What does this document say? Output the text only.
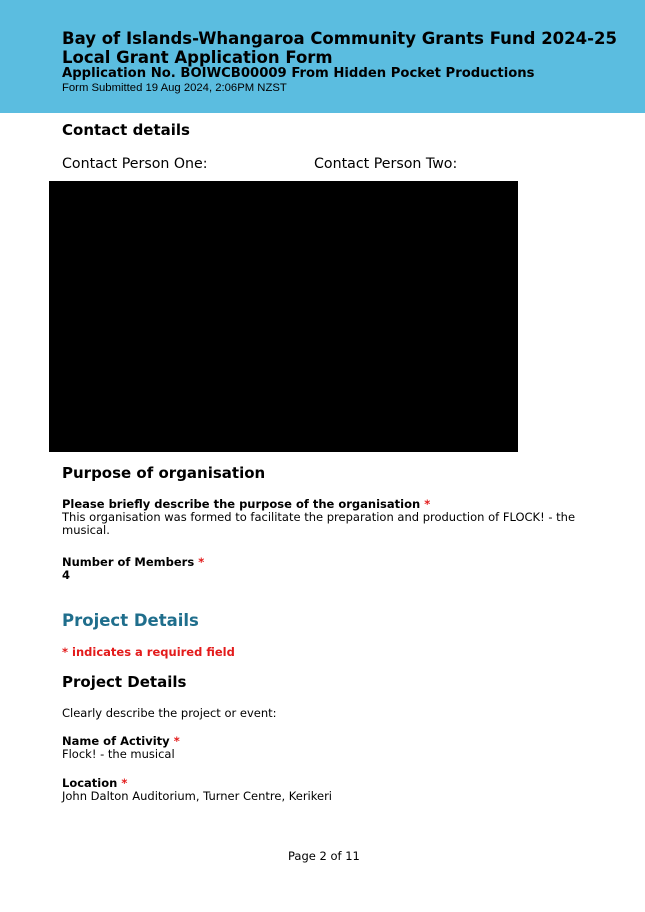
Bay of Islands-Whangaroa Community Grants Fund 2024-25
Local Grant Application Form
Application No. BOIWCB00009 From Hidden Pocket Productions
Form Submitted 19 Aug 2024, 2:06PM NZST
Contact details
Contact Person One:	Contact Person Two:
Purpose of organisation
Please briefly describe the purpose of the organisation *
This organisation was formed to facilitate the preparation and production of FLOCK! - the
musical.
Number of Members *
4
Project Details
* indicates a required field
Project Details
Clearly describe the project or event:
Name of Activity *
Flock! - the musical
Location *
John Dalton Auditorium, Turner Centre, Kerikeri
Page 2 of 11
